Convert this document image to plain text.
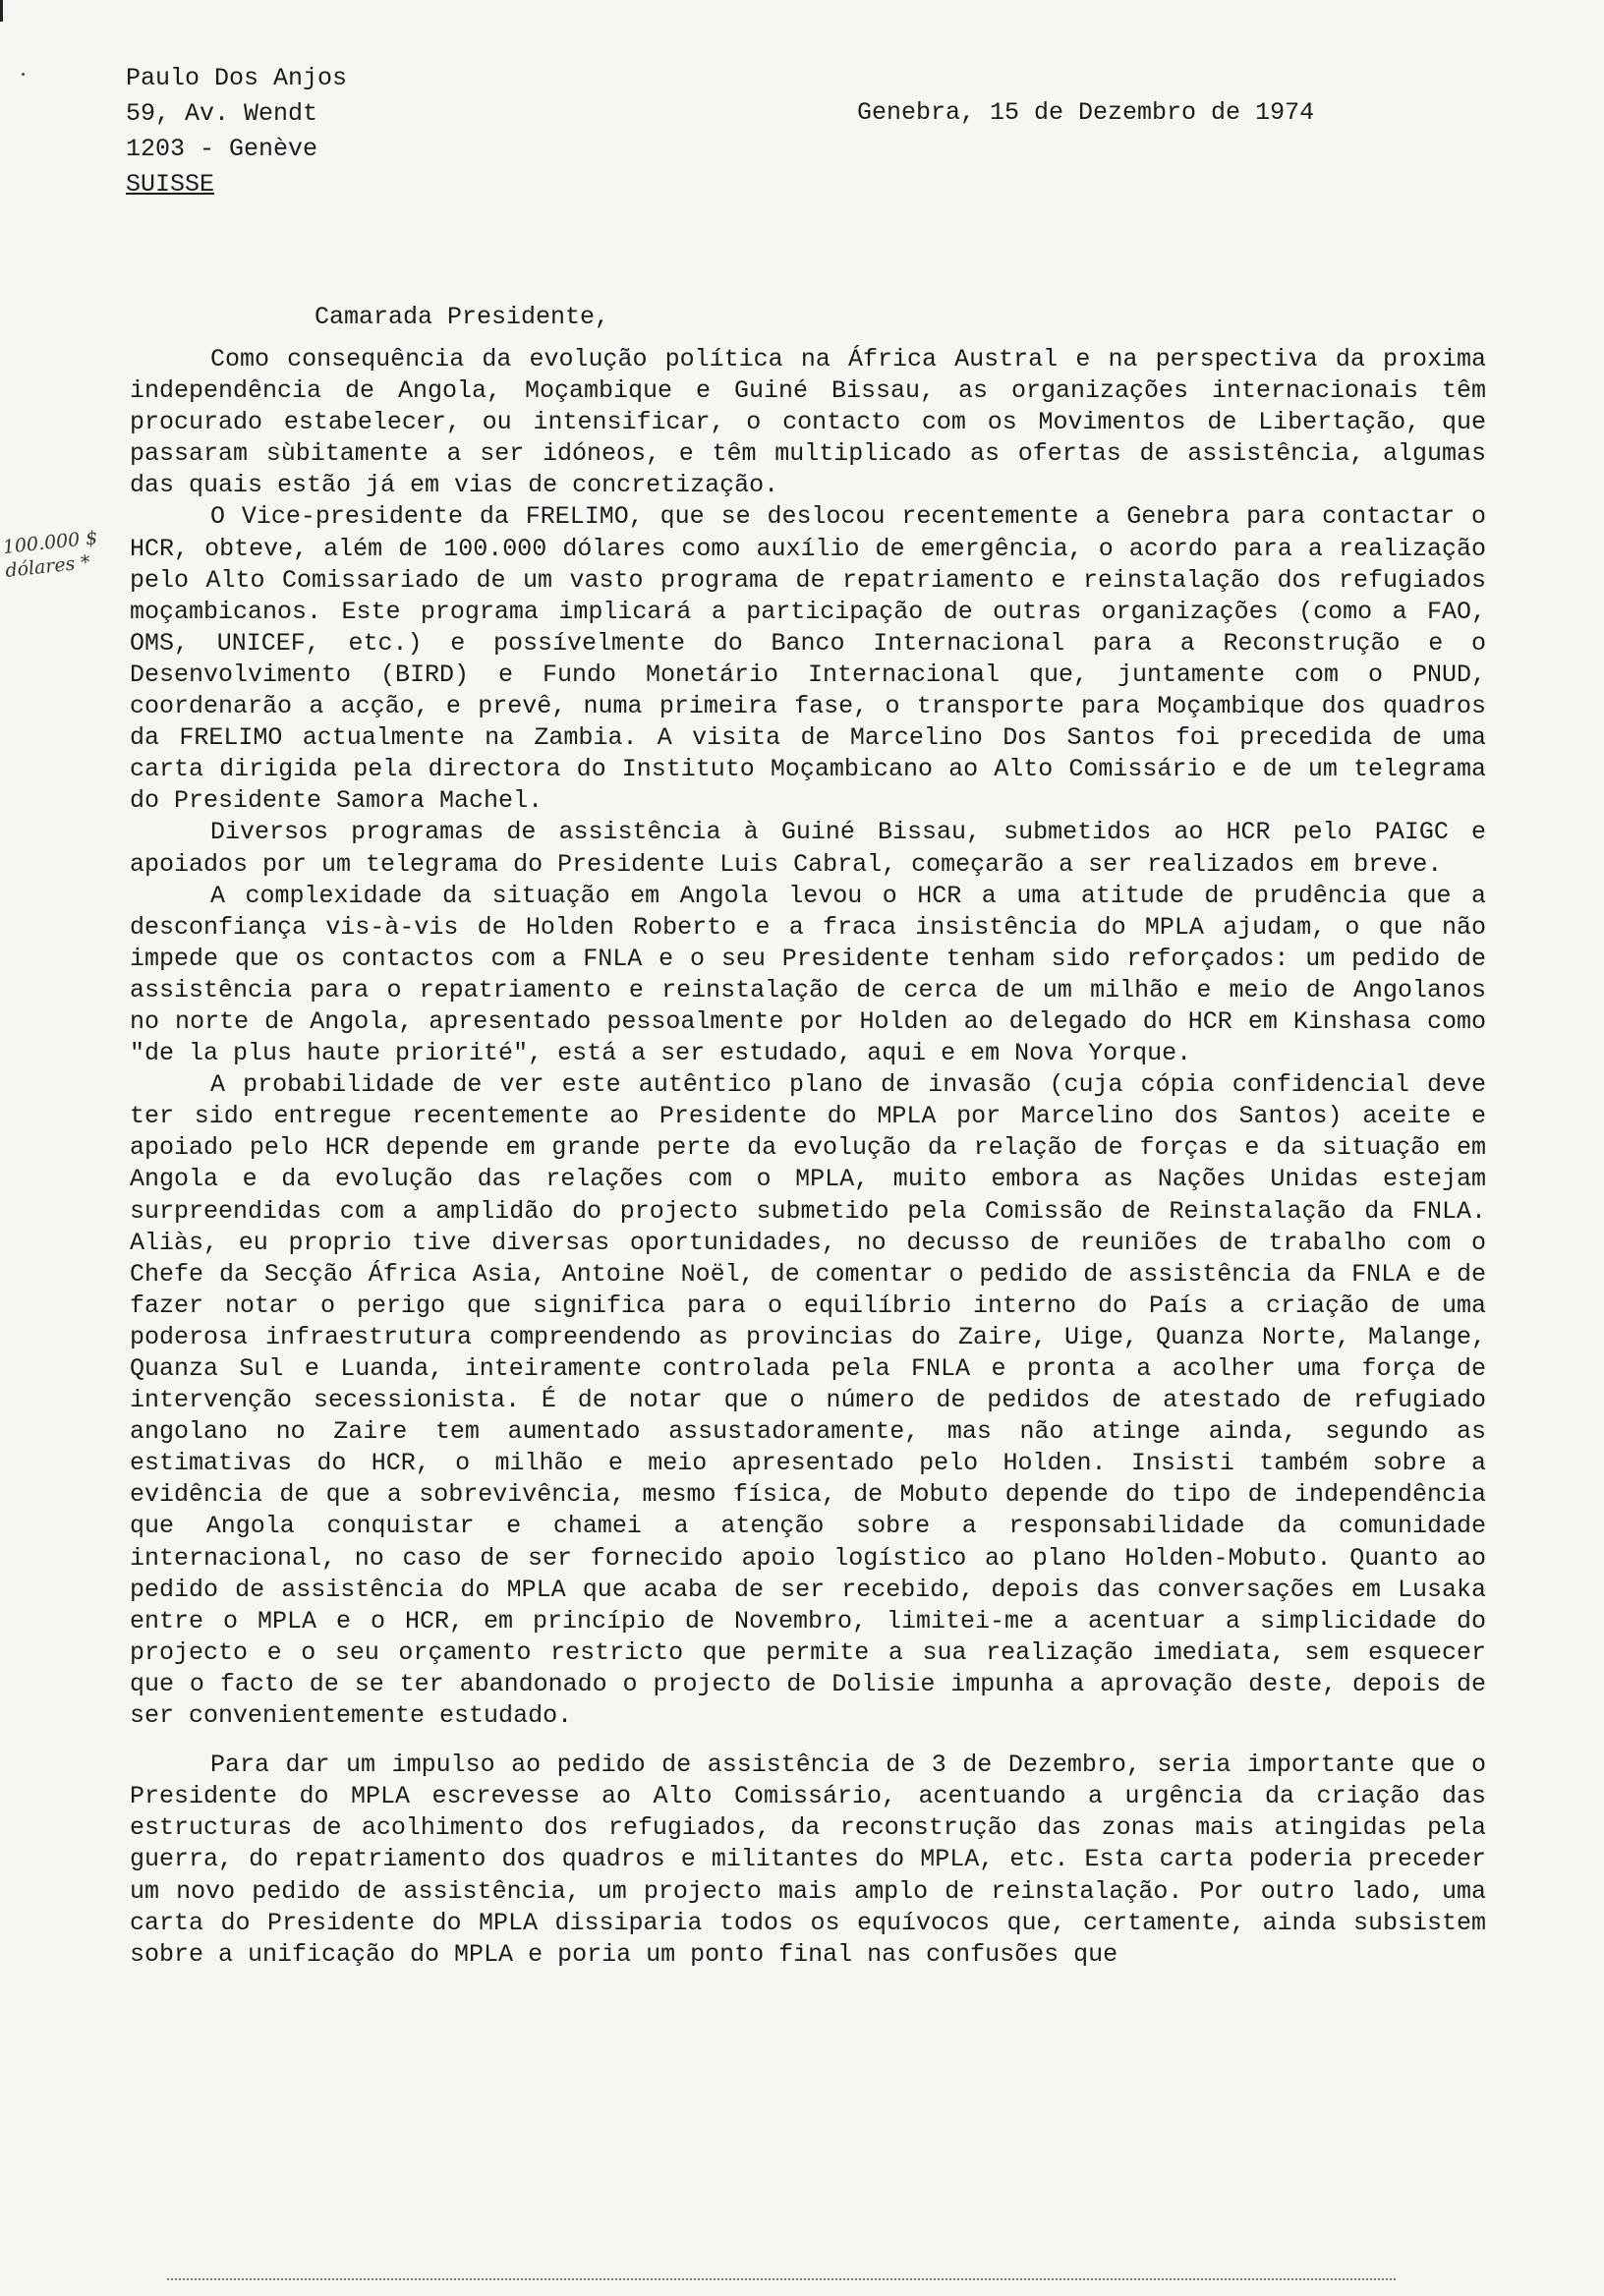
Paulo Dos Anjos
59, Av. Wendt
1203 - Genève
SUISSE
Genebra, 15 de Dezembro de 1974
100.000 $
dólares *
Camarada Presidente,

Como consequência da evolução política na África Austral e na perspectiva da proxima independência de Angola, Moçambique e Guiné Bissau, as organizações internacionais têm procurado estabelecer, ou intensificar, o contacto com os Movimentos de Libertação, que passaram sùbitamente a ser idóneos, e têm multiplicado as ofertas de assistência, algumas das quais estão já em vias de concretização.

O Vice-presidente da FRELIMO, que se deslocou recentemente a Genebra para contactar o HCR, obteve, além de 100.000 dólares como auxílio de emergência, o acordo para a realização pelo Alto Comissariado de um vasto programa de repatriamento e reinstalação dos refugiados moçambicanos. Este programa implicará a participação de outras organizações (como a FAO, OMS, UNICEF, etc.) e possívelmente do Banco Internacional para a Reconstrução e o Desenvolvimento (BIRD) e Fundo Monetário Internacional que, juntamente com o PNUD, coordenarão a acção, e prevê, numa primeira fase, o transporte para Moçambique dos quadros da FRELIMO actualmente na Zambia. A visita de Marcelino Dos Santos foi precedida de uma carta dirigida pela directora do Instituto Moçambicano ao Alto Comissário e de um telegrama do Presidente Samora Machel.

Diversos programas de assistência à Guiné Bissau, submetidos ao HCR pelo PAIGC e apoiados por um telegrama do Presidente Luis Cabral, começarão a ser realizados em breve.

A complexidade da situação em Angola levou o HCR a uma atitude de prudência que a desconfiança vis-à-vis de Holden Roberto e a fraca insistência do MPLA ajudam, o que não impede que os contactos com a FNLA e o seu Presidente tenham sido reforçados: um pedido de assistência para o repatriamento e reinstalação de cerca de um milhão e meio de Angolanos no norte de Angola, apresentado pessoalmente por Holden ao delegado do HCR em Kinshasa como "de la plus haute priorité", está a ser estudado, aqui e em Nova Yorque.

A probabilidade de ver este autêntico plano de invasão (cuja cópia confidencial deve ter sido entregue recentemente ao Presidente do MPLA por Marcelino dos Santos) aceite e apoiado pelo HCR depende em grande perte da evolução da relação de forças e da situação em Angola e da evolução das relações com o MPLA, muito embora as Nações Unidas estejam surpreendidas com a amplidão do projecto submetido pela Comissão de Reinstalação da FNLA. Aliàs, eu proprio tive diversas oportunidades, no decusso de reuniões de trabalho com o Chefe da Secção África Asia, Antoine Noël, de comentar o pedido de assistência da FNLA e de fazer notar o perigo que significa para o equilíbrio interno do País a criação de uma poderosa infraestrutura compreendendo as provincias do Zaire, Uige, Quanza Norte, Malange, Quanza Sul e Luanda, inteiramente controlada pela FNLA e pronta a acolher uma força de intervenção secessionista. É de notar que o número de pedidos de atestado de refugiado angolano no Zaire tem aumentado assustadoramente, mas não atinge ainda, segundo as estimativas do HCR, o milhão e meio apresentado pelo Holden. Insisti também sobre a evidência de que a sobrevivência, mesmo física, de Mobuto depende do tipo de independência que Angola conquistar e chamei a atenção sobre a responsabilidade da comunidade internacional, no caso de ser fornecido apoio logístico ao plano Holden-Mobuto. Quanto ao pedido de assistência do MPLA que acaba de ser recebido, depois das conversações em Lusaka entre o MPLA e o HCR, em princípio de Novembro, limitei-me a acentuar a simplicidade do projecto e o seu orçamento restricto que permite a sua realização imediata, sem esquecer que o facto de se ter abandonado o projecto de Dolisie impunha a aprovação deste, depois de ser convenientemente estudado.

Para dar um impulso ao pedido de assistência de 3 de Dezembro, seria importante que o Presidente do MPLA escrevesse ao Alto Comissário, acentuando a urgência da criação das estructuras de acolhimento dos refugiados, da reconstrução das zonas mais atingidas pela guerra, do repatriamento dos quadros e militantes do MPLA, etc. Esta carta poderia preceder um novo pedido de assistência, um projecto mais amplo de reinstalação. Por outro lado, uma carta do Presidente do MPLA dissiparia todos os equívocos que, certamente, ainda subsistem sobre a unificação do MPLA e poria um ponto final nas confusões que
